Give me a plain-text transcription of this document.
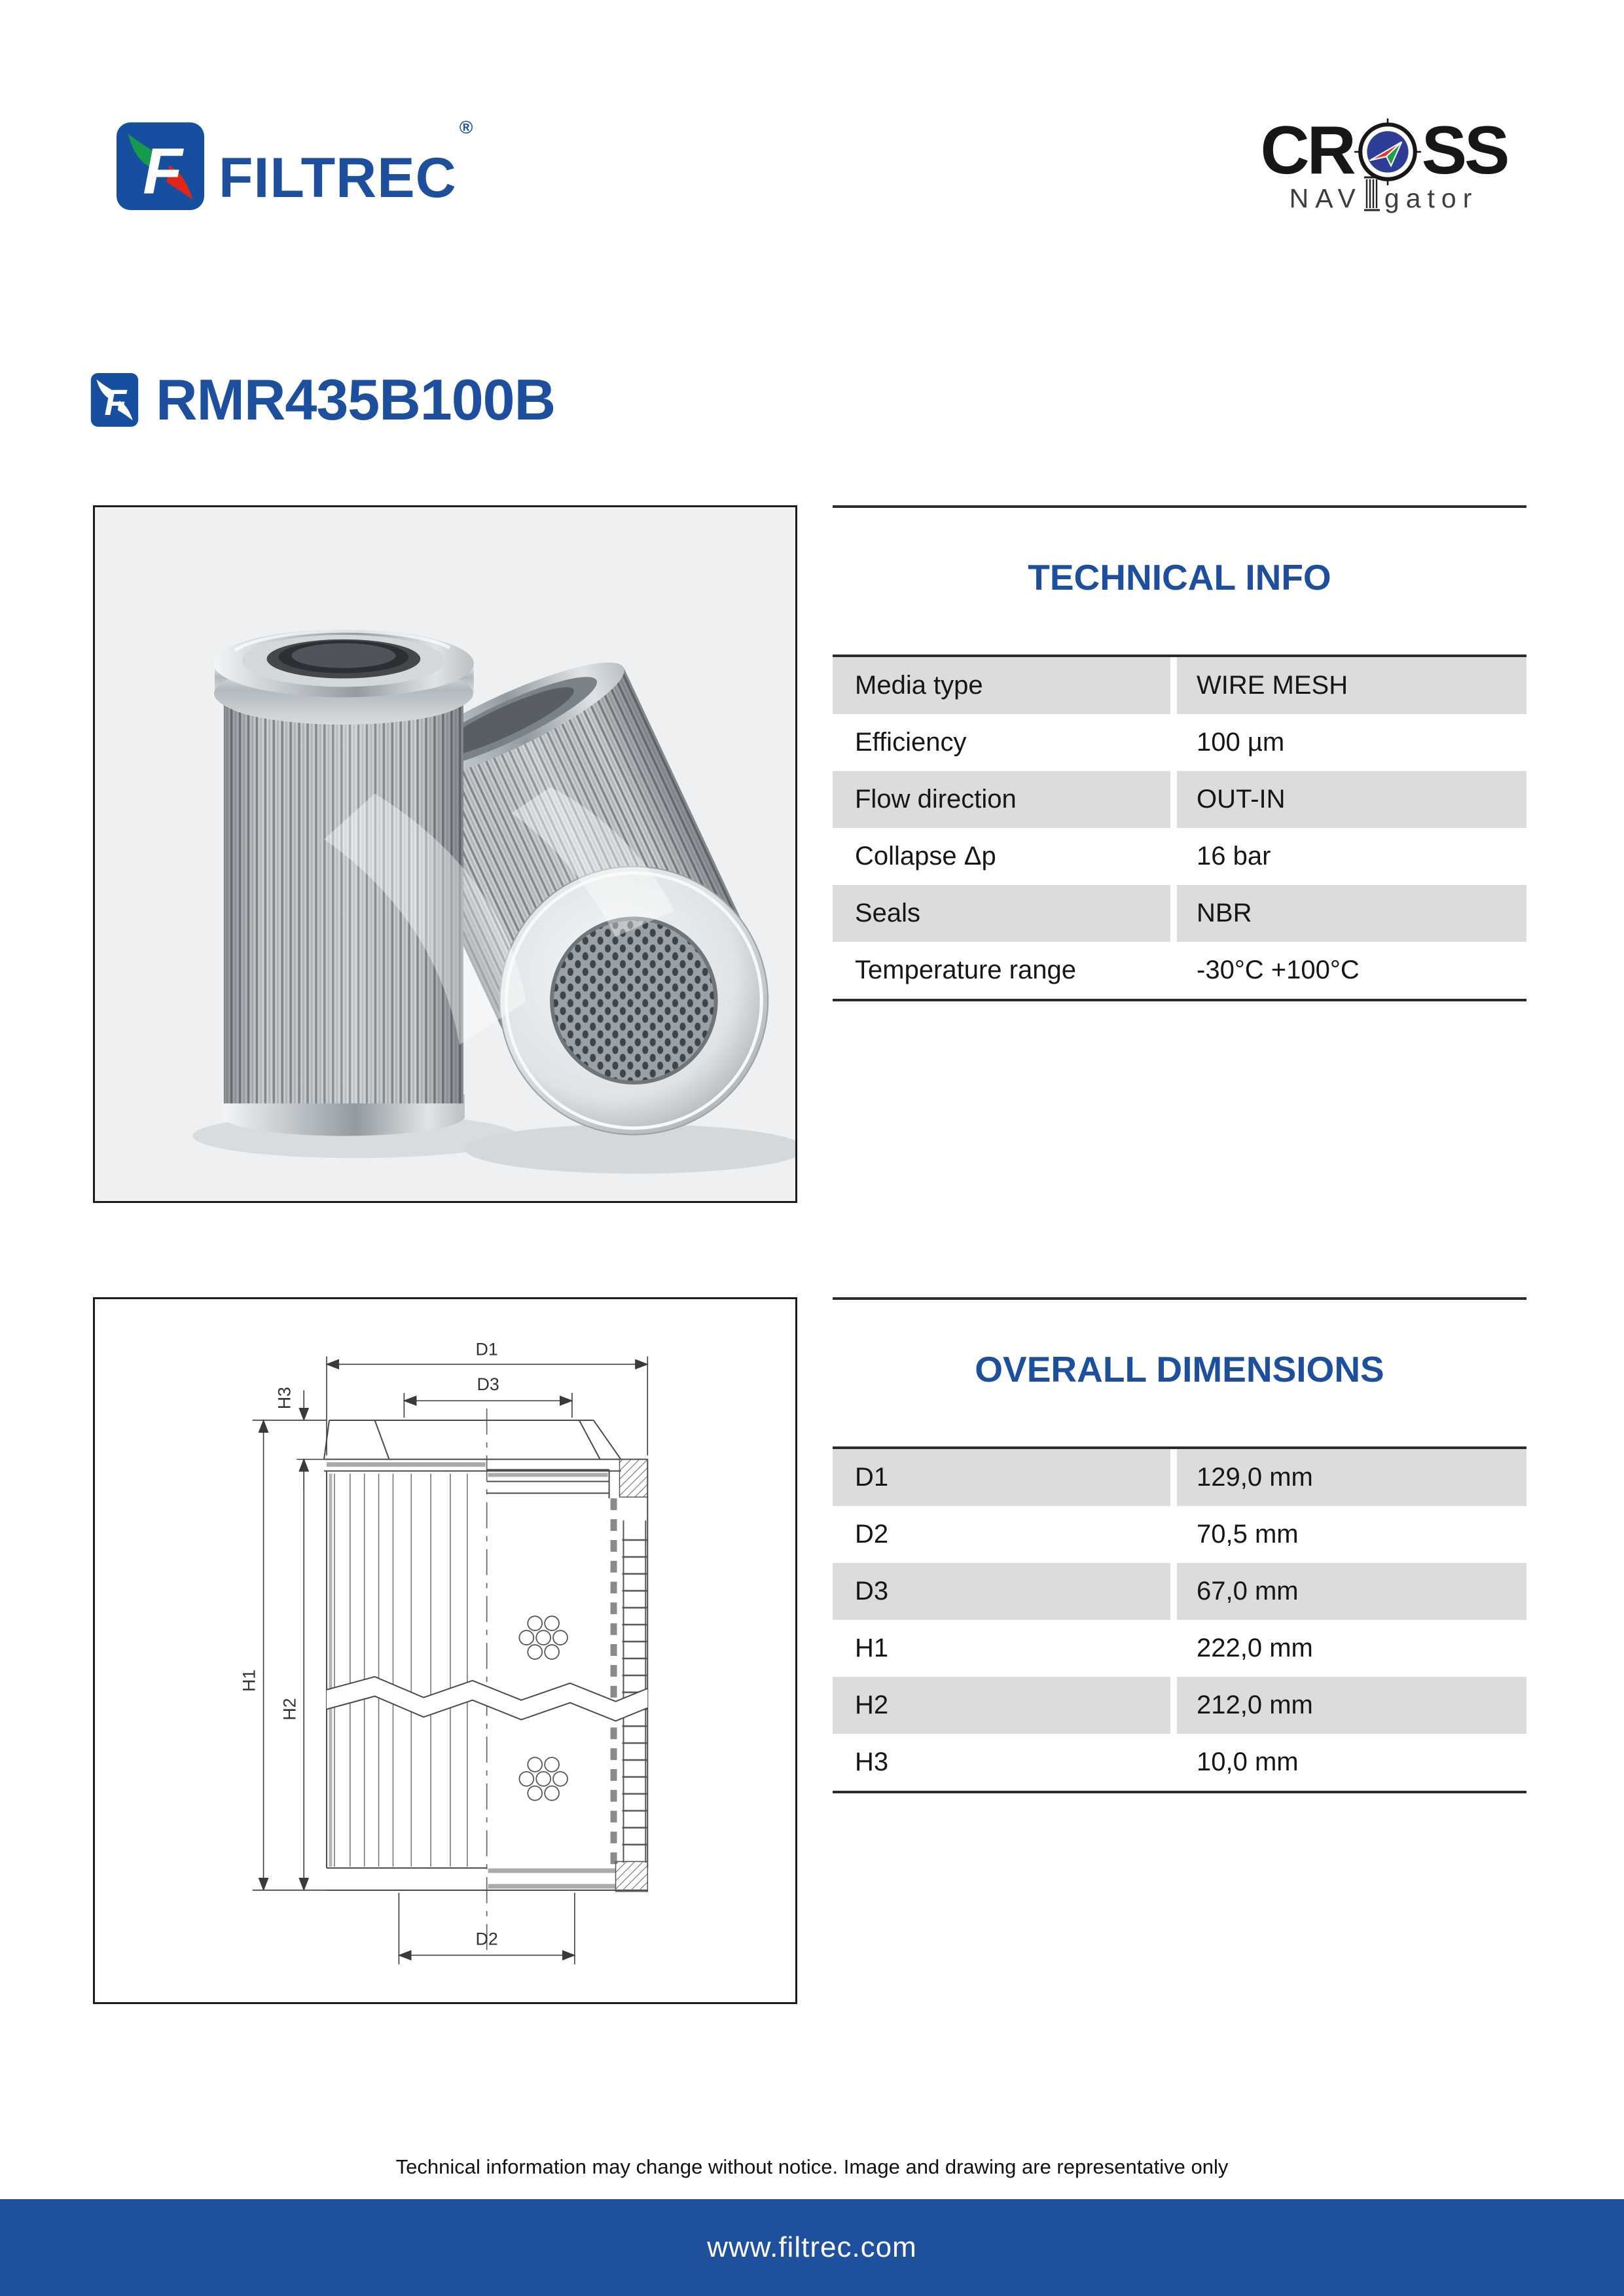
F FILTREC®	CR SS
NAV gator
F RMR435B100B
TECHNICAL INFO
Media type	WIRE MESH
Efficiency	100 µm
Flow direction	OUT-IN
Collapse Δp	16 bar
Seals	NBR
Temperature range	-30°C +100°C
D1
D3
H3
H1
H2
D2
OVERALL DIMENSIONS
D1	129,0 mm
D2	70,5 mm
D3	67,0 mm
H1	222,0 mm
H2	212,0 mm
H3	10,0 mm
Technical information may change without notice. Image and drawing are representative only
www.filtrec.com
